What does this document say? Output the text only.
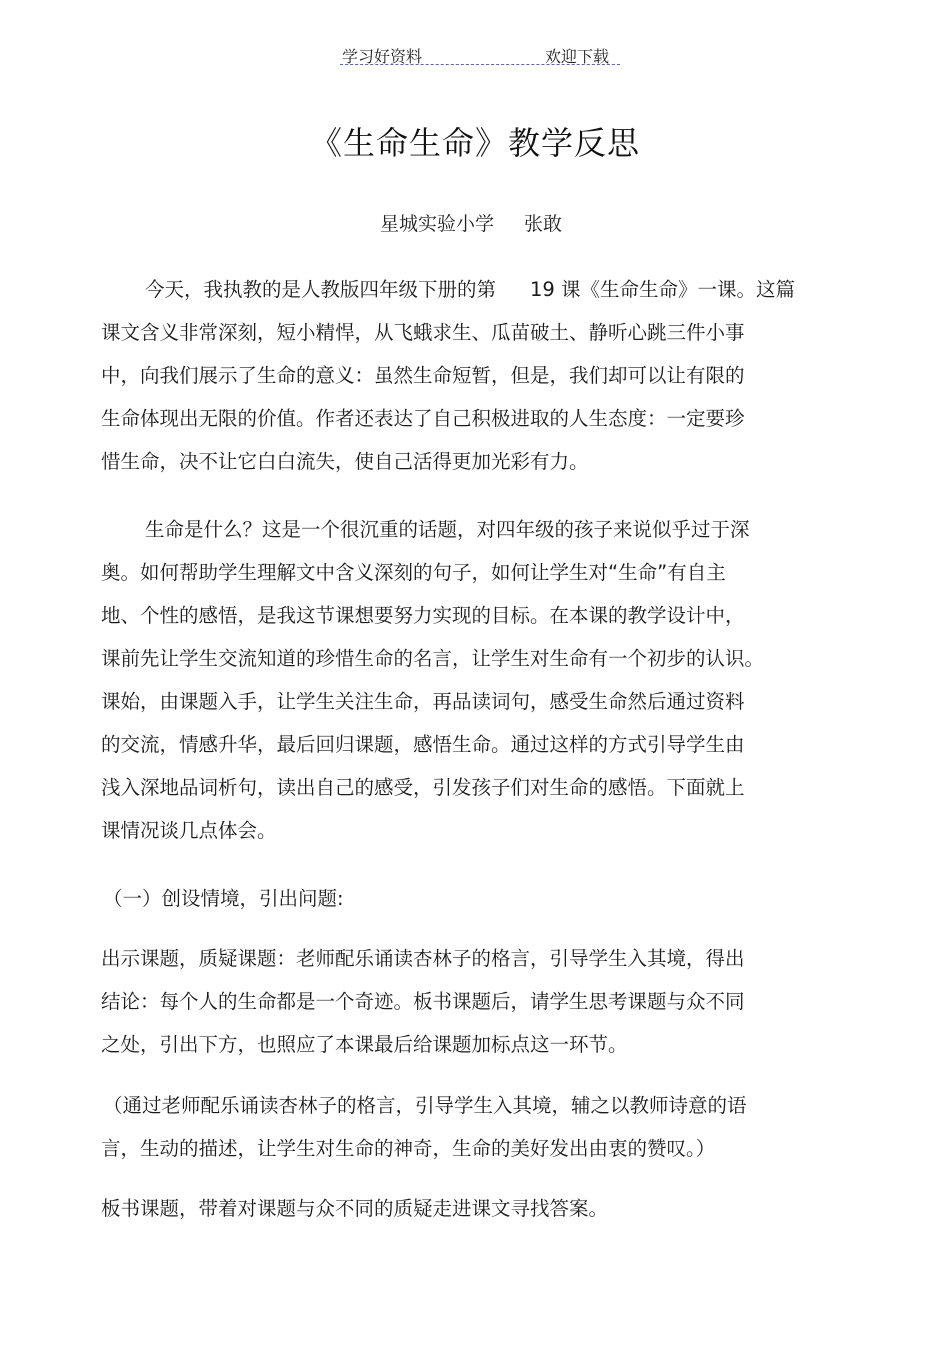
学习好资料	欢迎下载
《生命生命》教学反思
星城实验小学 张敢
今天，我执教的是人教版四年级下册的第 19 课《生命生命》一课。这篇
课文含义非常深刻，短小精悍，从飞蛾求生、瓜苗破土、静听心跳三件小事
中，向我们展示了生命的意义：虽然生命短暂，但是，我们却可以让有限的
生命体现出无限的价值。作者还表达了自己积极进取的人生态度：一定要珍
惜生命，决不让它白白流失，使自己活得更加光彩有力。
生命是什么？这是一个很沉重的话题，对四年级的孩子来说似乎过于深
奥。如何帮助学生理解文中含义深刻的句子，如何让学生对“生命”有自主
地、个性的感悟，是我这节课想要努力实现的目标。在本课的教学设计中，
课前先让学生交流知道的珍惜生命的名言，让学生对生命有一个初步的认识。
课始，由课题入手，让学生关注生命，再品读词句，感受生命然后通过资料
的交流，情感升华，最后回归课题，感悟生命。通过这样的方式引导学生由
浅入深地品词析句，读出自己的感受，引发孩子们对生命的感悟。下面就上
课情况谈几点体会。
（一）创设情境，引出问题:
出示课题，质疑课题：老师配乐诵读杏林子的格言，引导学生入其境，得出
结论：每个人的生命都是一个奇迹。板书课题后，请学生思考课题与众不同
之处，引出下方，也照应了本课最后给课题加标点这一环节。
（通过老师配乐诵读杏林子的格言，引导学生入其境，辅之以教师诗意的语
言，生动的描述，让学生对生命的神奇，生命的美好发出由衷的赞叹。）
板书课题，带着对课题与众不同的质疑走进课文寻找答案。
